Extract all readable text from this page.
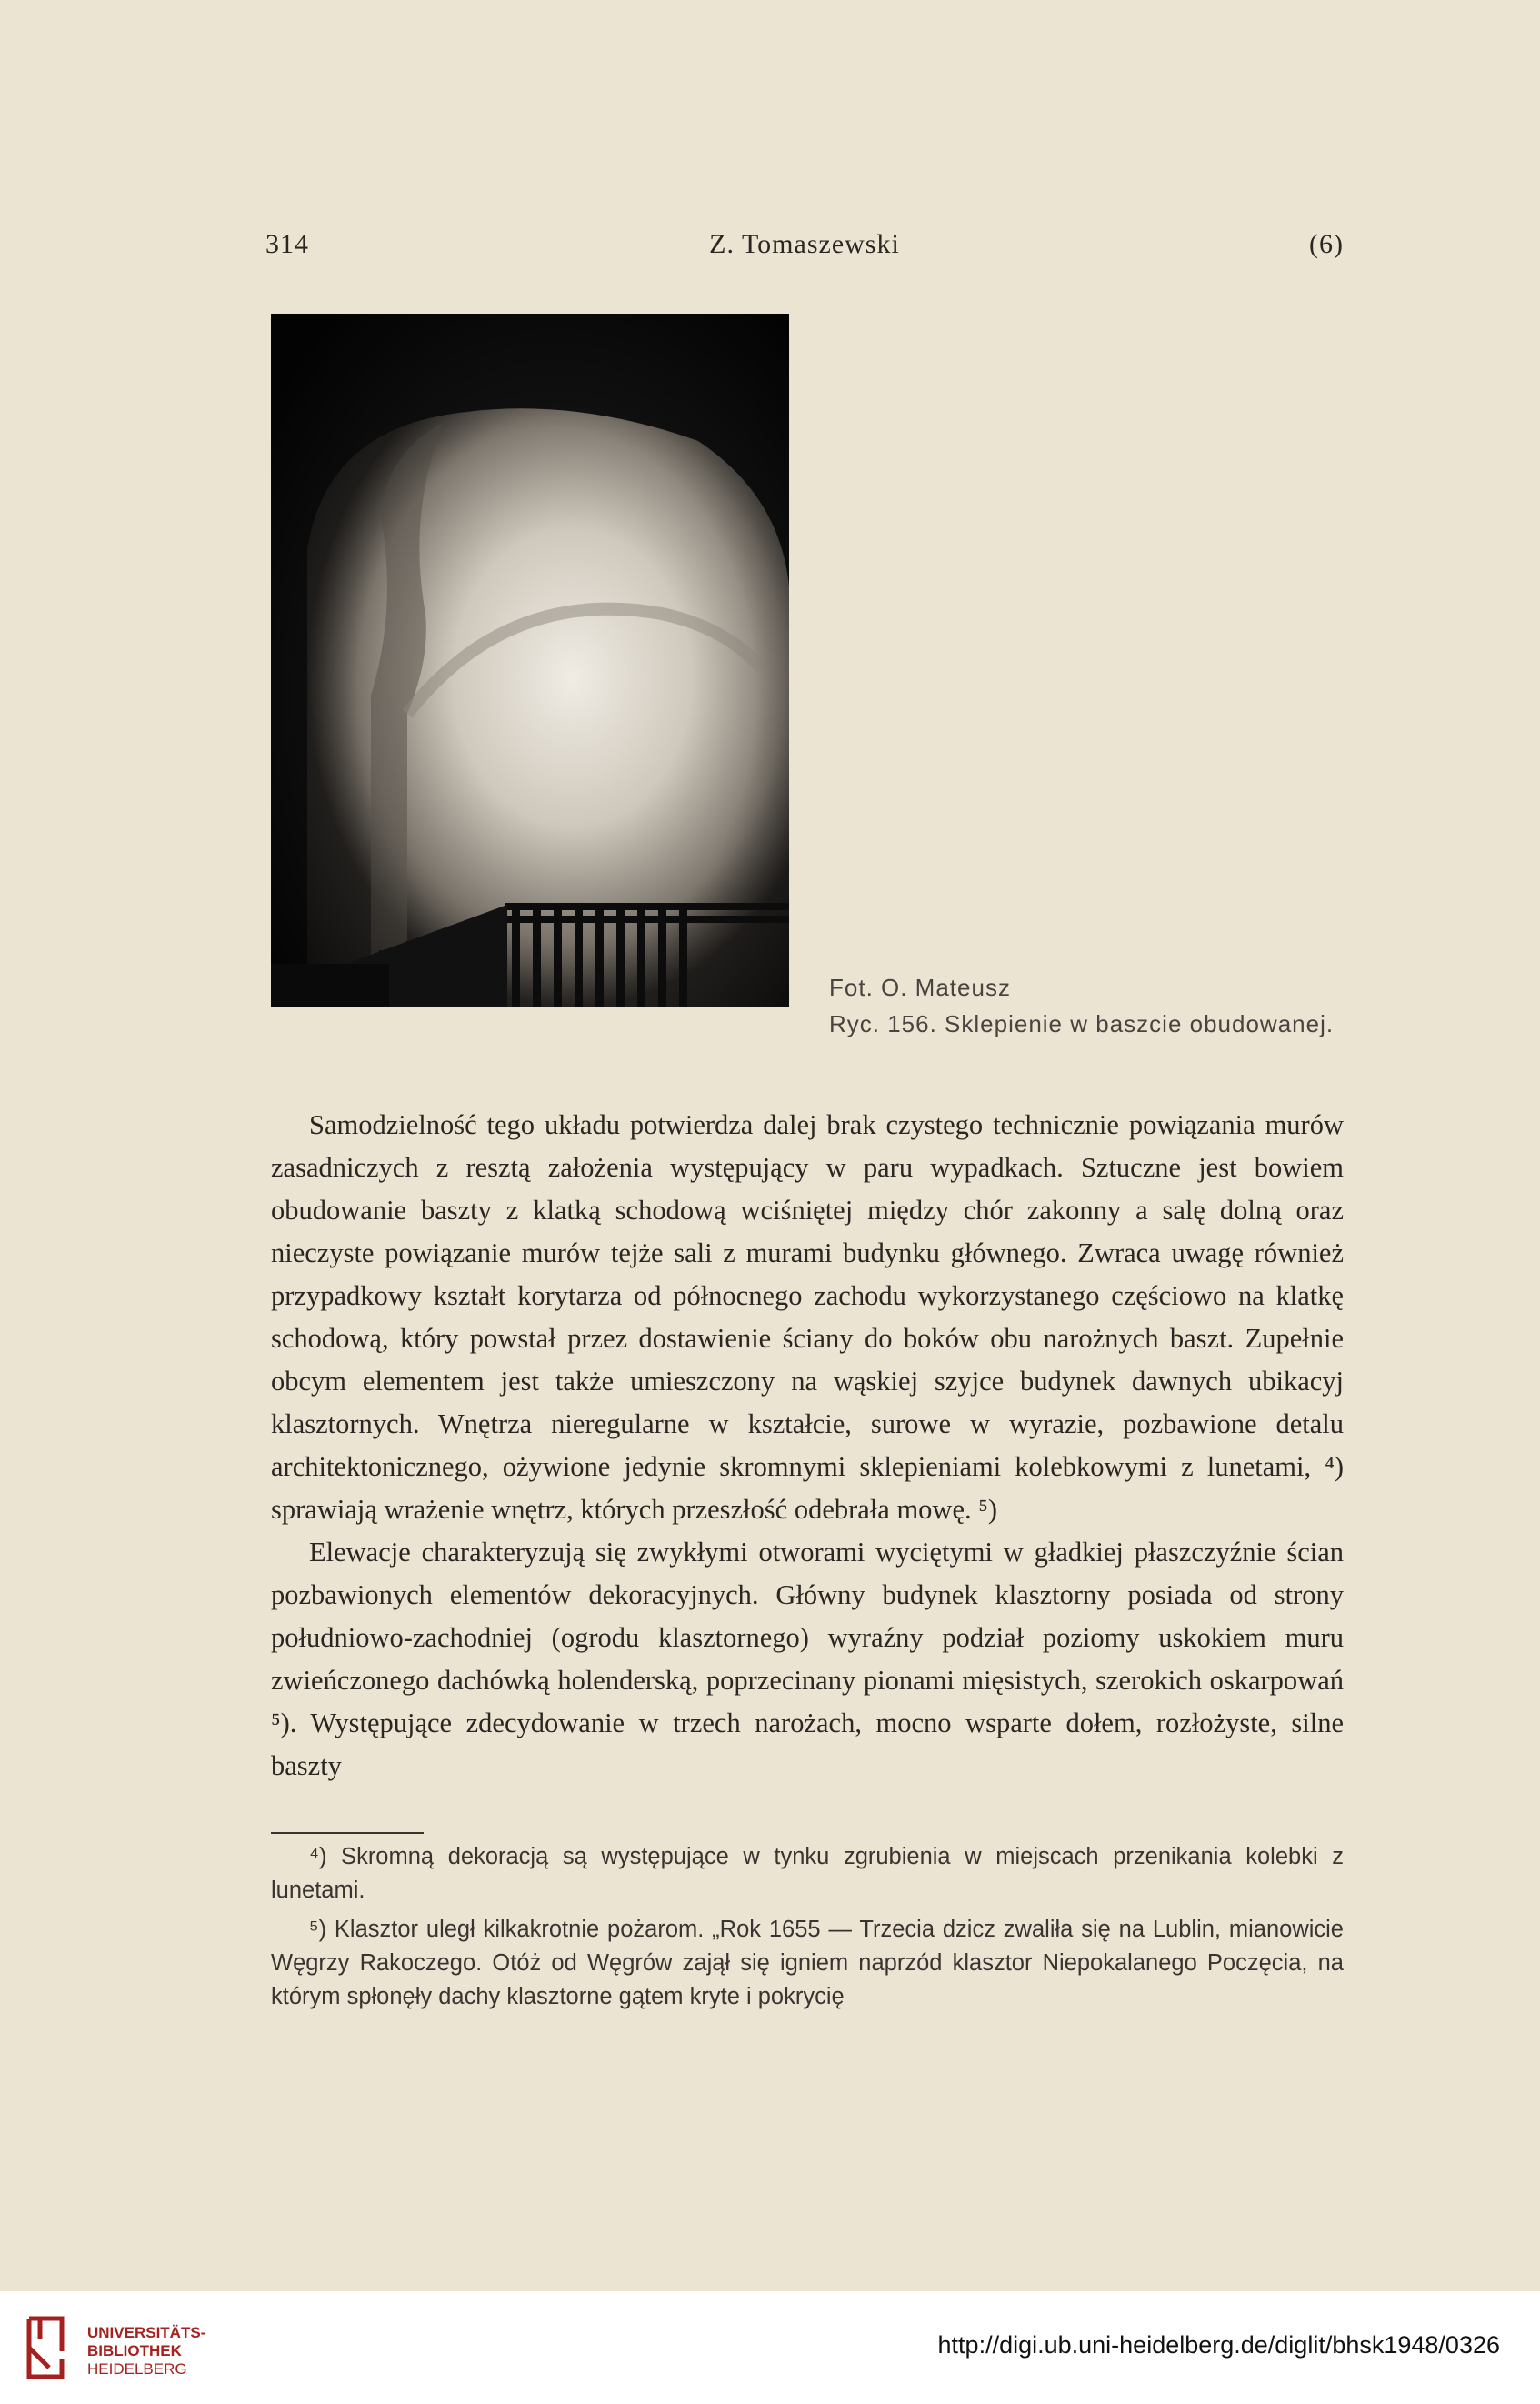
314	Z. Tomaszewski	(6)
Fot. O. Mateusz
Ryc. 156. Sklepienie w baszcie obudowanej.

Samodzielność tego układu potwierdza dalej brak czystego technicznie powiązania murów zasadniczych z resztą założenia występujący w paru wypadkach. Sztuczne jest bowiem obudowanie baszty z klatką schodową wciśniętej między chór zakonny a salę dolną oraz nieczyste powiązanie murów tejże sali z murami budynku głównego. Zwraca uwagę również przypadkowy kształt korytarza od północnego zachodu wykorzystanego częściowo na klatkę schodową, który powstał przez dostawienie ściany do boków obu narożnych baszt. Zupełnie obcym elementem jest także umieszczony na wąskiej szyjce budynek dawnych ubikacyj klasztornych. Wnętrza nieregularne w kształcie, surowe w wyrazie, pozbawione detalu architektonicznego, ożywione jedynie skromnymi sklepieniami kolebkowymi z lunetami, ⁴) sprawiają wrażenie wnętrz, których przeszłość odebrała mowę. ⁵)

Elewacje charakteryzują się zwykłymi otworami wyciętymi w gładkiej płaszczyźnie ścian pozbawionych elementów dekoracyjnych. Główny budynek klasztorny posiada od strony południowo-zachodniej (ogrodu klasztornego) wyraźny podział poziomy uskokiem muru zwieńczonego dachówką holenderską, poprzecinany pionami mięsistych, szerokich oskarpowań ⁵). Występujące zdecydowanie w trzech narożach, mocno wsparte dołem, rozłożyste, silne baszty

⁴) Skromną dekoracją są występujące w tynku zgrubienia w miejscach przenikania kolebki z lunetami.

⁵) Klasztor uległ kilkakrotnie pożarom. „Rok 1655 — Trzecia dzicz zwaliła się na Lublin, mianowicie Węgrzy Rakoczego. Otóż od Węgrów zajął się igniem naprzód klasztor Niepokalanego Poczęcia, na którym spłonęły dachy klasztorne gątem kryte i pokrycię

UNIVERSITÄTS-
BIBLIOTHEK
HEIDELBERG
http://digi.ub.uni-heidelberg.de/diglit/bhsk1948/0326
